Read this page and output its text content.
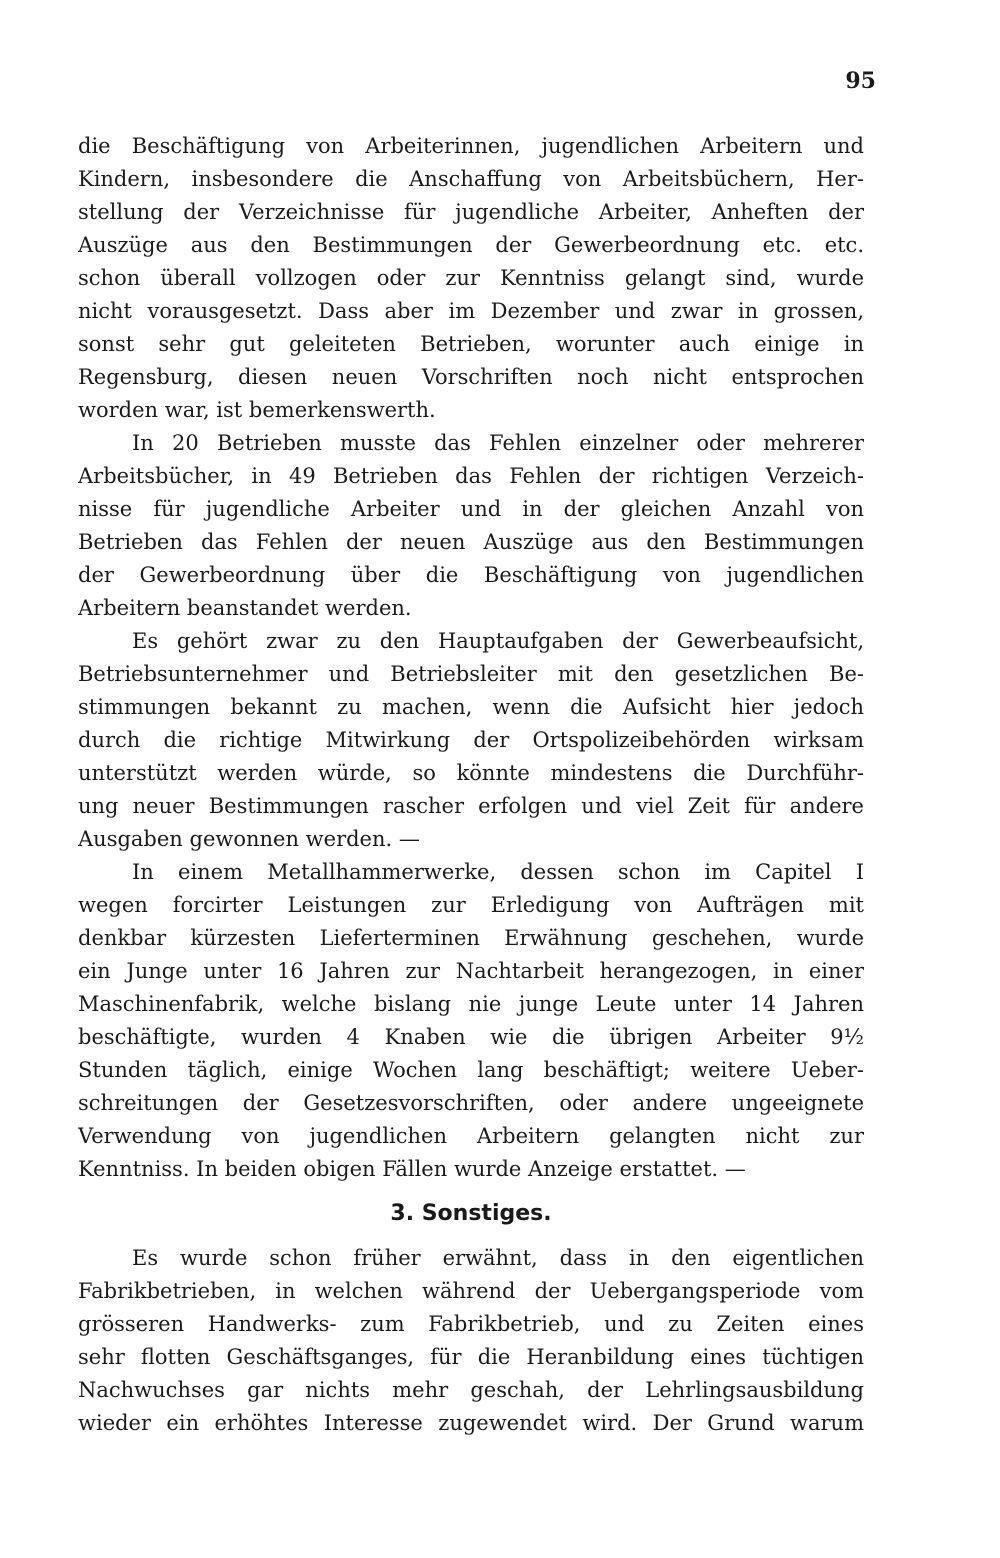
95
die Beschäftigung von Arbeiterinnen, jugendlichen Arbeitern und
Kindern, insbesondere die Anschaffung von Arbeitsbüchern, Her-
stellung der Verzeichnisse für jugendliche Arbeiter, Anheften der
Auszüge aus den Bestimmungen der Gewerbeordnung etc. etc.
schon überall vollzogen oder zur Kenntniss gelangt sind, wurde
nicht vorausgesetzt. Dass aber im Dezember und zwar in grossen,
sonst sehr gut geleiteten Betrieben, worunter auch einige in
Regensburg, diesen neuen Vorschriften noch nicht entsprochen
worden war, ist bemerkenswerth.
In 20 Betrieben musste das Fehlen einzelner oder mehrerer
Arbeitsbücher, in 49 Betrieben das Fehlen der richtigen Verzeich-
nisse für jugendliche Arbeiter und in der gleichen Anzahl von
Betrieben das Fehlen der neuen Auszüge aus den Bestimmungen
der Gewerbeordnung über die Beschäftigung von jugendlichen
Arbeitern beanstandet werden.
Es gehört zwar zu den Hauptaufgaben der Gewerbeaufsicht,
Betriebsunternehmer und Betriebsleiter mit den gesetzlichen Be-
stimmungen bekannt zu machen, wenn die Aufsicht hier jedoch
durch die richtige Mitwirkung der Ortspolizeibehörden wirksam
unterstützt werden würde, so könnte mindestens die Durchführ-
ung neuer Bestimmungen rascher erfolgen und viel Zeit für andere
Ausgaben gewonnen werden. —
In einem Metallhammerwerke, dessen schon im Capitel I
wegen forcirter Leistungen zur Erledigung von Aufträgen mit
denkbar kürzesten Lieferterminen Erwähnung geschehen, wurde
ein Junge unter 16 Jahren zur Nachtarbeit herangezogen, in einer
Maschinenfabrik, welche bislang nie junge Leute unter 14 Jahren
beschäftigte, wurden 4 Knaben wie die übrigen Arbeiter 9½
Stunden täglich, einige Wochen lang beschäftigt; weitere Ueber-
schreitungen der Gesetzesvorschriften, oder andere ungeeignete
Verwendung von jugendlichen Arbeitern gelangten nicht zur
Kenntniss. In beiden obigen Fällen wurde Anzeige erstattet. —
3. Sonstiges.
Es wurde schon früher erwähnt, dass in den eigentlichen
Fabrikbetrieben, in welchen während der Uebergangsperiode vom
grösseren Handwerks- zum Fabrikbetrieb, und zu Zeiten eines
sehr flotten Geschäftsganges, für die Heranbildung eines tüchtigen
Nachwuchses gar nichts mehr geschah, der Lehrlingsausbildung
wieder ein erhöhtes Interesse zugewendet wird. Der Grund warum
